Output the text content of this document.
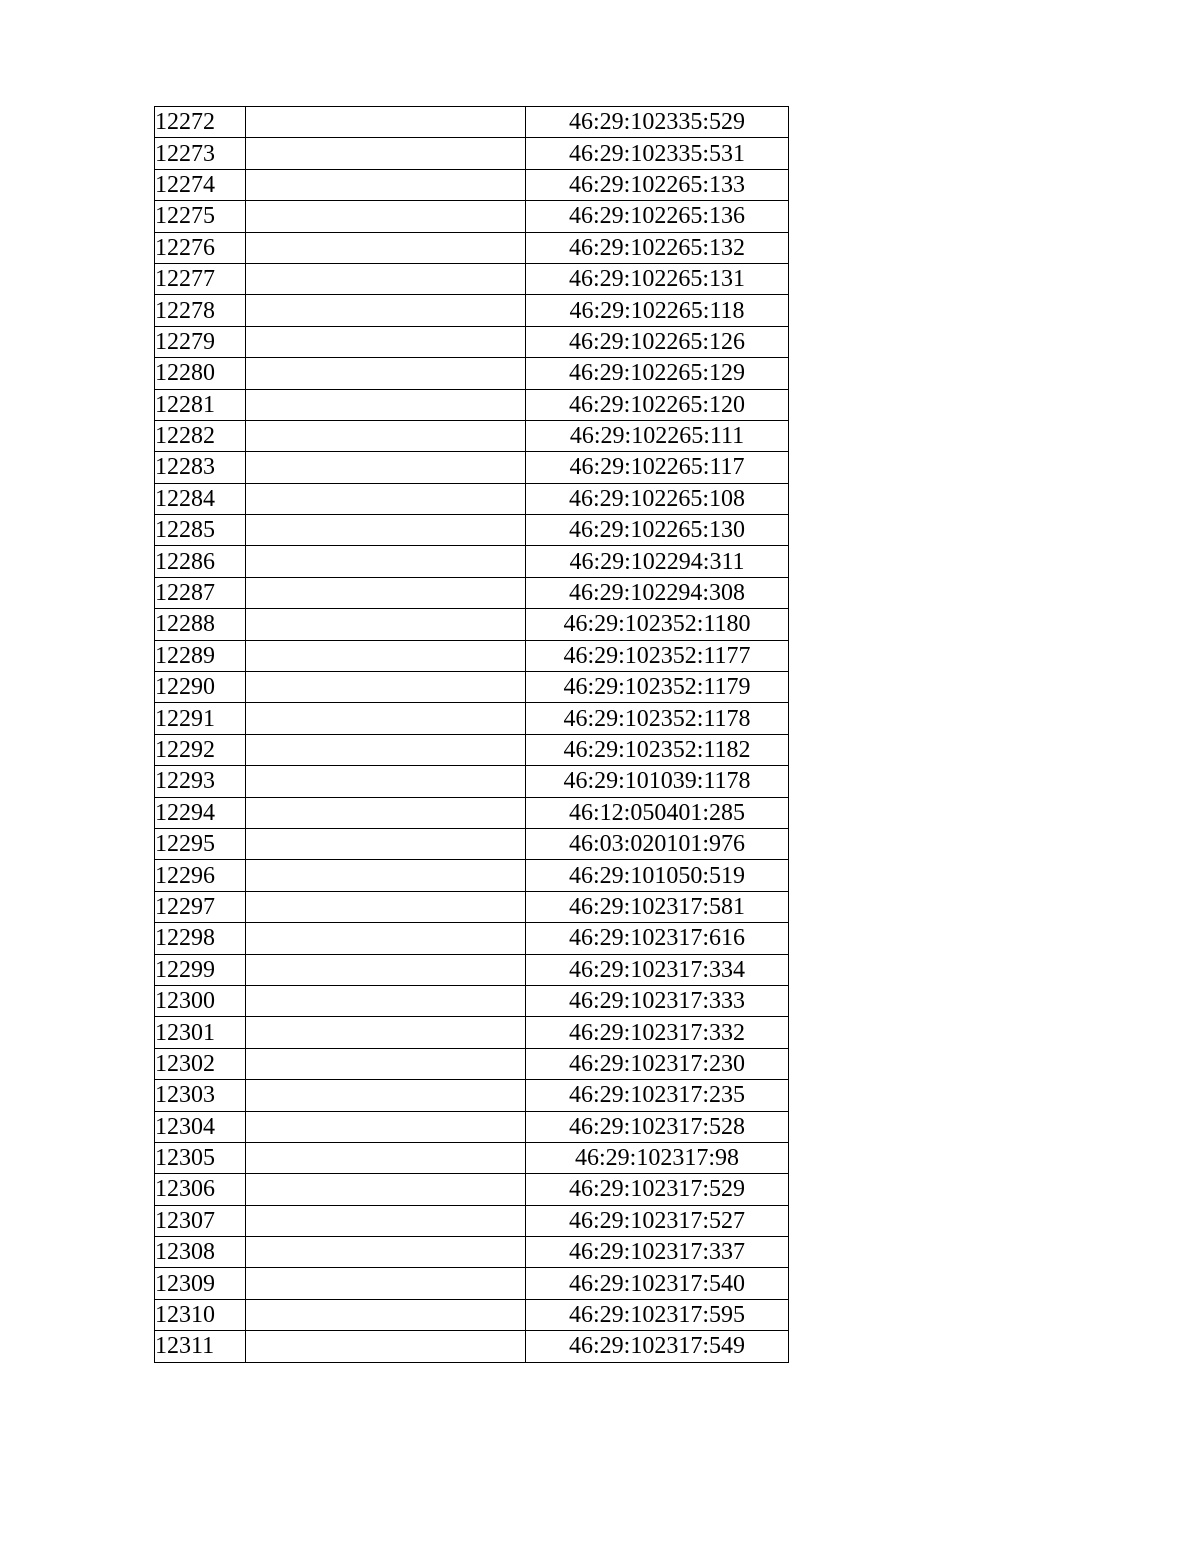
12272		46:29:102335:529
12273		46:29:102335:531
12274		46:29:102265:133
12275		46:29:102265:136
12276		46:29:102265:132
12277		46:29:102265:131
12278		46:29:102265:118
12279		46:29:102265:126
12280		46:29:102265:129
12281		46:29:102265:120
12282		46:29:102265:111
12283		46:29:102265:117
12284		46:29:102265:108
12285		46:29:102265:130
12286		46:29:102294:311
12287		46:29:102294:308
12288		46:29:102352:1180
12289		46:29:102352:1177
12290		46:29:102352:1179
12291		46:29:102352:1178
12292		46:29:102352:1182
12293		46:29:101039:1178
12294		46:12:050401:285
12295		46:03:020101:976
12296		46:29:101050:519
12297		46:29:102317:581
12298		46:29:102317:616
12299		46:29:102317:334
12300		46:29:102317:333
12301		46:29:102317:332
12302		46:29:102317:230
12303		46:29:102317:235
12304		46:29:102317:528
12305		46:29:102317:98
12306		46:29:102317:529
12307		46:29:102317:527
12308		46:29:102317:337
12309		46:29:102317:540
12310		46:29:102317:595
12311		46:29:102317:549
